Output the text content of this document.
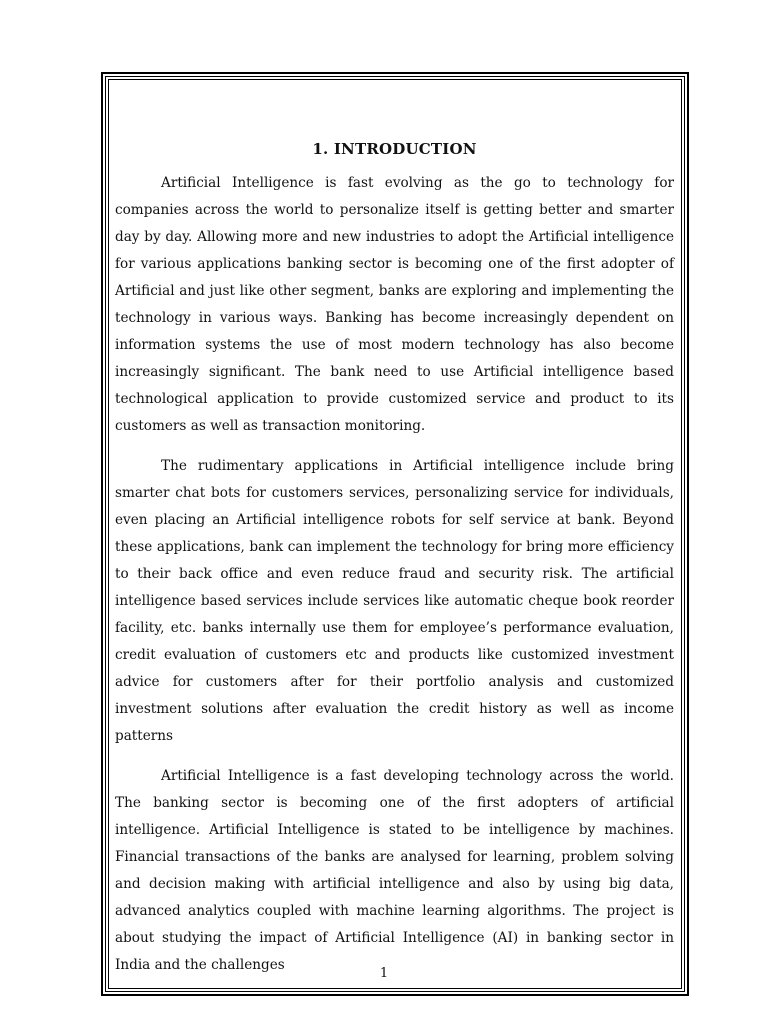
1. INTRODUCTION

Artificial Intelligence is fast evolving as the go to technology for companies across the world to personalize itself is getting better and smarter day by day. Allowing more and new industries to adopt the Artificial intelligence for various applications banking sector is becoming one of the first adopter of Artificial and just like other segment, banks are exploring and implementing the technology in various ways. Banking has become increasingly dependent on information systems the use of most modern technology has also become increasingly significant. The bank need to use Artificial intelligence based technological application to provide customized service and product to its customers as well as transaction monitoring.

The rudimentary applications in Artificial intelligence include bring smarter chat bots for customers services, personalizing service for individuals, even placing an Artificial intelligence robots for self service at bank. Beyond these applications, bank can implement the technology for bring more efficiency to their back office and even reduce fraud and security risk. The artificial intelligence based services include services like automatic cheque book reorder facility, etc. banks internally use them for employee’s performance evaluation, credit evaluation of customers etc and products like customized investment advice for customers after for their portfolio analysis and customized investment solutions after evaluation the credit history as well as income patterns

Artificial Intelligence is a fast developing technology across the world. The banking sector is becoming one of the first adopters of artificial intelligence. Artificial Intelligence is stated to be intelligence by machines. Financial transactions of the banks are analysed for learning, problem solving and decision making with artificial intelligence and also by using big data, advanced analytics coupled with machine learning algorithms. The project is about studying the impact of Artificial Intelligence (AI) in banking sector in India and the challenges

1
